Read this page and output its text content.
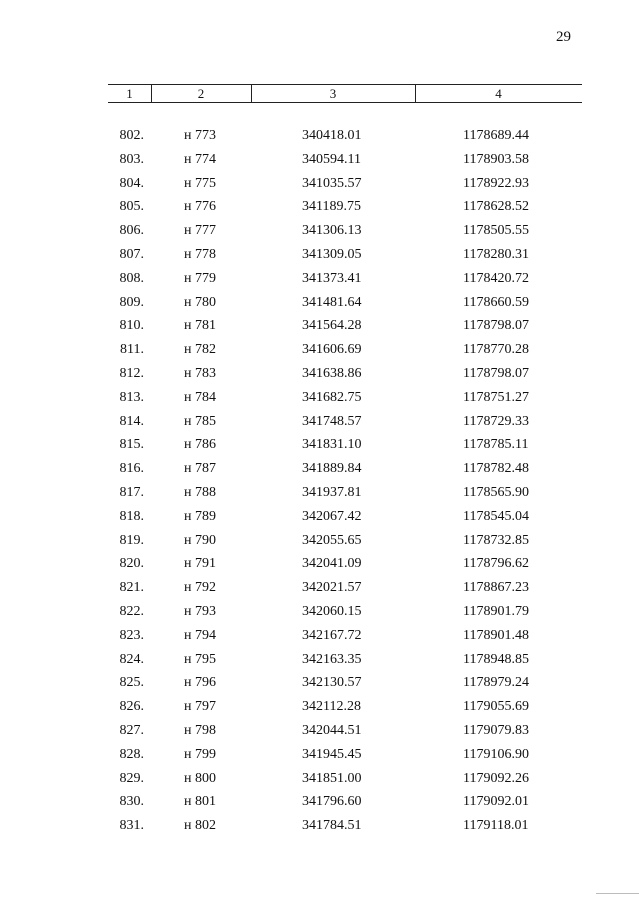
29
1	2	3	4
802.	н 773	340418.01	1178689.44
803.	н 774	340594.11	1178903.58
804.	н 775	341035.57	1178922.93
805.	н 776	341189.75	1178628.52
806.	н 777	341306.13	1178505.55
807.	н 778	341309.05	1178280.31
808.	н 779	341373.41	1178420.72
809.	н 780	341481.64	1178660.59
810.	н 781	341564.28	1178798.07
811.	н 782	341606.69	1178770.28
812.	н 783	341638.86	1178798.07
813.	н 784	341682.75	1178751.27
814.	н 785	341748.57	1178729.33
815.	н 786	341831.10	1178785.11
816.	н 787	341889.84	1178782.48
817.	н 788	341937.81	1178565.90
818.	н 789	342067.42	1178545.04
819.	н 790	342055.65	1178732.85
820.	н 791	342041.09	1178796.62
821.	н 792	342021.57	1178867.23
822.	н 793	342060.15	1178901.79
823.	н 794	342167.72	1178901.48
824.	н 795	342163.35	1178948.85
825.	н 796	342130.57	1178979.24
826.	н 797	342112.28	1179055.69
827.	н 798	342044.51	1179079.83
828.	н 799	341945.45	1179106.90
829.	н 800	341851.00	1179092.26
830.	н 801	341796.60	1179092.01
831.	н 802	341784.51	1179118.01
